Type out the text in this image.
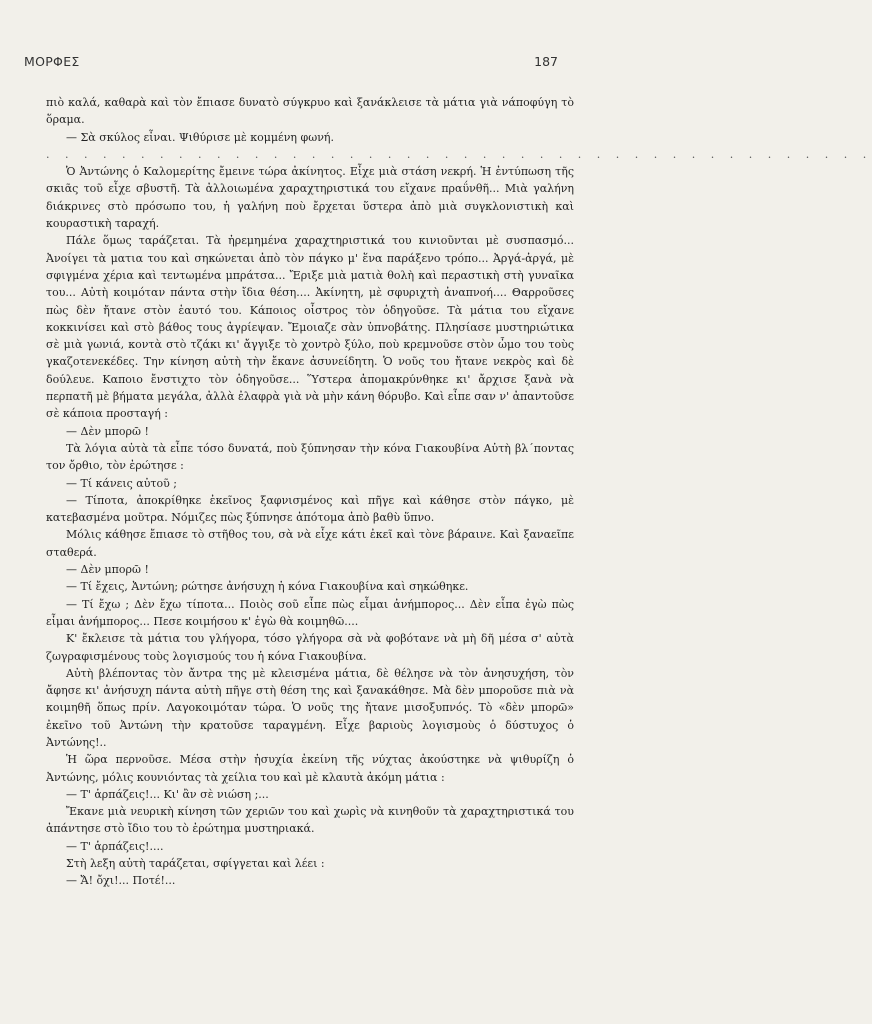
ΜΟΡΦΕΣ	187

πιὸ καλά, καθαρὰ καὶ τὸν ἔπιασε δυνατὸ σύγκρυο καὶ ξανάκλεισε τὰ μάτια γιὰ νάποφύγη τὸ ὅραμα.

— Σὰ σκύλος εἶναι. Ψιθύρισε μὲ κομμένη φωνή.

. . . . . . . . . . . . . . . . . . . . . . . . . . . . . . . . . . . . . . . . . . . .

Ὁ Ἀντώνης ὁ Καλομερίτης ἔμεινε τώρα ἀκίνητος. Εἶχε μιὰ στάση νεκρή. Ἡ ἐντύπωση τῆς σκιᾶς τοῦ εἶχε σβυστῆ. Τὰ ἀλλοιωμένα χαραχτηριστικά του εἴχανε πραΰνθῆ... Μιὰ γαλήνη διάκρινες στὸ πρόσωπο του, ἡ γαλήνη ποὺ ἔρχεται ὕστερα ἀπὸ μιὰ συγκλονιστικὴ καὶ κουραστικὴ ταραχή.

Πάλε ὅμως ταράζεται. Τὰ ἠρεμημένα χαραχτηριστικά του κινιοῦνται μὲ συσπασμό... Ἀνοίγει τὰ ματια του καὶ σηκώνεται ἀπὸ τὸν πάγκο μ' ἕνα παράξενο τρόπο... Ἀργά-ἀργά, μὲ σφιγμένα χέρια καὶ τεντωμένα μπράτσα... Ἔριξε μιὰ ματιὰ θολὴ καὶ περαστικὴ στὴ γυναῖκα του... Αὐτὴ κοιμόταν πάντα στὴν ἴδια θέση.... Ἀκίνητη, μὲ σφυριχτὴ ἀναπνοή.... Θαρροῦσες πὼς δὲν ἤτανε στὸν ἑαυτό του. Κάποιος οἶστρος τὸν ὁδηγοῦσε. Τὰ μάτια του εἴχανε κοκκινίσει καὶ στὸ βάθος τους ἀγρίεψαν. Ἔμοιαζε σὰν ὑπνοβάτης. Πλησίασε μυστηριώτικα σὲ μιὰ γωνιά, κοντὰ στὸ τζάκι κι' ἄγγιξε τὸ χοντρὸ ξύλο, ποὺ κρεμνοῦσε στὸν ὦμο του τοὺς γκαζοτενεκέδες. Την κίνηση αὐτὴ τὴν ἔκανε ἀσυνείδητη. Ὁ νοῦς του ἤτανε νεκρὸς καὶ δὲ δούλευε. Καποιο ἔνστιχτο τὸν ὁδηγοῦσε... Ὕστερα ἀπομακρύνθηκε κι' ἄρχισε ξανὰ νὰ περπατῆ μὲ βήματα μεγάλα, ἀλλὰ ἐλαφρὰ γιὰ νὰ μὴν κάνη θόρυβο. Καὶ εἶπε σαν ν' ἀπαντοῦσε σὲ κάποια προσταγή :

— Δὲν μπορῶ !

Τὰ λόγια αὐτὰ τὰ εἶπε τόσο δυνατά, ποὺ ξύπνησαν τὴν κόνα Γιακουβίνα Αὐτὴ βλ΄ποντας τον ὄρθιο, τὸν ἐρώτησε :

— Τί κάνεις αὐτοῦ ;

— Τίποτα, ἀποκρίθηκε ἐκεῖνος ξαφνισμένος καὶ πῆγε καὶ κάθησε στὸν πάγκο, μὲ κατεβασμένα μοῦτρα. Νόμιζες πὼς ξύπνησε ἀπότομα ἀπὸ βαθὺ ὕπνο.

Μόλις κάθησε ἔπιασε τὸ στῆθος του, σὰ νὰ εἶχε κάτι ἐκεῖ καὶ τὸνε βάραινε. Καὶ ξαναεῖπε σταθερά.

— Δὲν μπορῶ !

— Τί ἔχεις, Ἀντώνη; ρώτησε ἀνήσυχη ἡ κόνα Γιακουβίνα καὶ σηκώθηκε.

— Τί ἔχω ; Δὲν ἔχω τίποτα... Ποιὸς σοῦ εἶπε πὼς εἶμαι ἀνήμπορος... Δὲν εἶπα ἐγὼ πὼς εἶμαι ἀνήμπορος... Πεσε κοιμήσου κ' ἐγὼ θὰ κοιμηθῶ....

Κ' ἔκλεισε τὰ μάτια του γλήγορα, τόσο γλήγορα σὰ νὰ φοβότανε νὰ μὴ δῆ μέσα σ' αὐτὰ ζωγραφισμένους τοὺς λογισμούς του ἡ κόνα Γιακουβίνα.

Αὐτὴ βλέποντας τὸν ἄντρα της μὲ κλεισμένα μάτια, δὲ θέλησε νὰ τὸν ἀνησυχήση, τὸν ἄφησε κι' ἀνήσυχη πάντα αὐτὴ πῆγε στὴ θέση της καὶ ξανακάθησε. Μὰ δὲν μποροῦσε πιὰ νὰ κοιμηθῆ ὅπως πρίν. Λαγοκοιμόταν τώρα. Ὁ νοῦς της ἤτανε μισοξυπνός. Τὸ «δὲν μπορῶ» ἐκεῖνο τοῦ Ἀντώνη τὴν κρατοῦσε ταραγμένη. Εἶχε βαριοὺς λογισμοὺς ὁ δύστυχος ὁ Ἀντώνης!..

Ἡ ὥρα περνοῦσε. Μέσα στὴν ἡσυχία ἐκείνη τῆς νύχτας ἀκούστηκε νὰ ψιθυρίζη ὁ Ἀντώνης, μόλις κουνιόντας τὰ χείλια του καὶ μὲ κλαυτὰ ἀκόμη μάτια :

— Τ' ἁρπάζεις!... Κι' ἂν σὲ νιώση ;...

Ἔκανε μιὰ νευρικὴ κίνηση τῶν χεριῶν του καὶ χωρὶς νὰ κινηθοῦν τὰ χαραχτηριστικά του ἀπάντησε στὸ ἴδιο του τὸ ἐρώτημα μυστηριακά.

— Τ' ἁρπάζεις!....

Στὴ λεξη αὐτὴ ταράζεται, σφίγγεται καὶ λέει :

— Ἄ! ὄχι!... Ποτέ!...
